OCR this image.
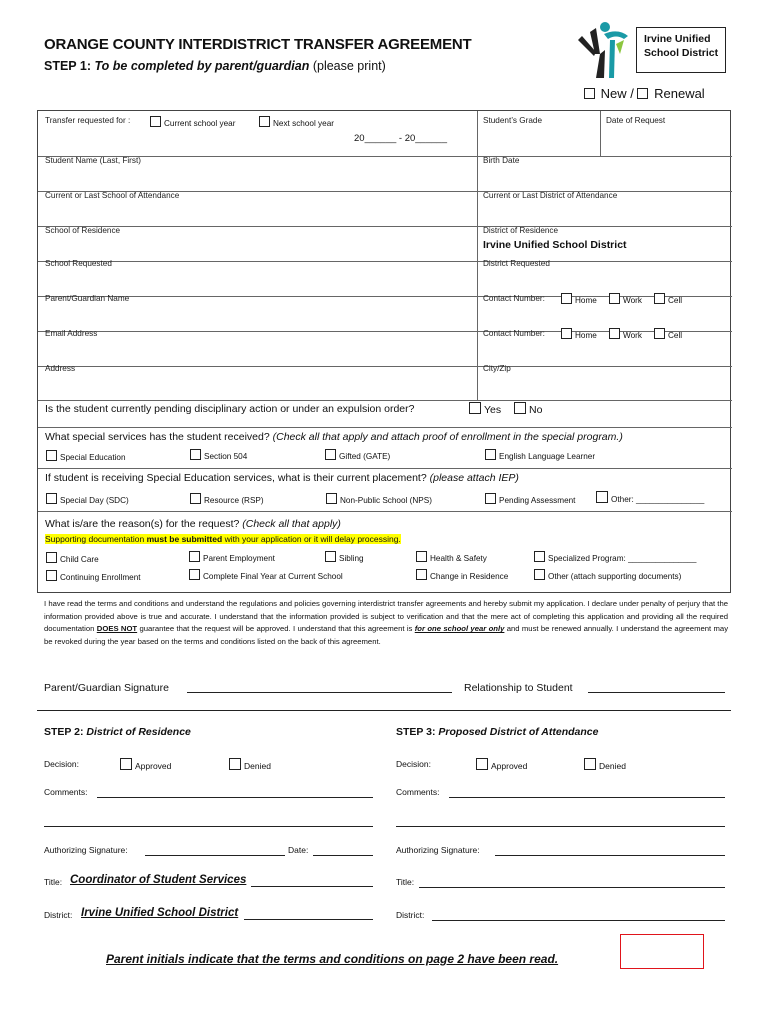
ORANGE COUNTY INTERDISTRICT TRANSFER AGREEMENT
STEP 1: To be completed by parent/guardian (please print)
Irvine Unified
School District
New / Renewal
Transfer requested for :	Current school year	Next school year
20______ - 20______
Student’s Grade	Date of Request
Student Name (Last, First)	Birth Date
Current or Last School of Attendance	Current or Last District of Attendance
School of Residence	District of Residence
Irvine Unified School District
School Requested	District Requested
Parent/Guardian Name	Contact Number:	Home	Work	Cell
Email Address	Contact Number:	Home	Work	Cell
Address	City/Zip
Is the student currently pending disciplinary action or under an expulsion order?	Yes	No
What special services has the student received? (Check all that apply and attach proof of enrollment in the special program.)
Special Education	Section 504	Gifted (GATE)	English Language Learner
If student is receiving Special Education services, what is their current placement? (please attach IEP)
Special Day (SDC)	Resource (RSP)	Non-Public School (NPS)	Pending Assessment	Other: _______________
What is/are the reason(s) for the request? (Check all that apply)
Supporting documentation must be submitted with your application or it will delay processing.
Child Care	Parent Employment	Sibling	Health & Safety	Specialized Program: _______________
Continuing Enrollment	Complete Final Year at Current School	Change in Residence	Other (attach supporting documents)
I have read the terms and conditions and understand the regulations and policies governing interdistrict transfer agreements and hereby submit my application. I declare under penalty of perjury that the information provided above is true and accurate. I understand that the information provided is subject to verification and that the mere act of completing this application and providing all the required documentation DOES NOT guarantee that the request will be approved. I understand that this agreement is for one school year only and must be renewed annually. I understand the agreement may be revoked during the year based on the terms and conditions listed on the back of this agreement.
Parent/Guardian Signature	Relationship to Student
STEP 2: District of Residence
Decision:	Approved	Denied
Comments:
Authorizing Signature:	Date:
Title: Coordinator of Student Services
District: Irvine Unified School District
STEP 3: Proposed District of Attendance
Decision:	Approved	Denied
Comments:
Authorizing Signature:
Title:
District:
Parent initials indicate that the terms and conditions on page 2 have been read.
